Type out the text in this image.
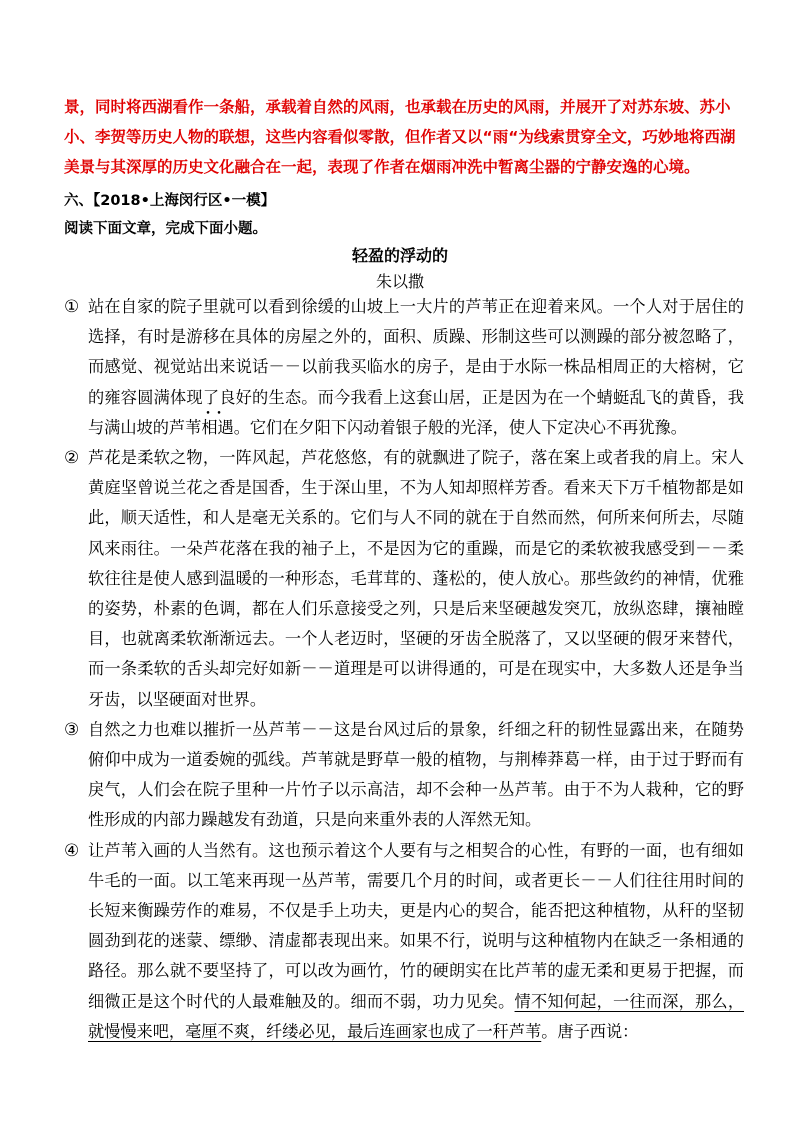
景，同时将西湖看作一条船，承载着自然的风雨，也承载在历史的风雨，并展开了对苏东坡、苏小小、李贺等历史人物的联想，这些内容看似零散，但作者又以“雨“为线索贯穿全文，巧妙地将西湖美景与其深厚的历史文化融合在一起，表现了作者在烟雨冲洗中暂离尘器的宁静安逸的心境。
六、【2018•上海闵行区•一模】
阅读下面文章，完成下面小题。
轻盈的浮动的
朱以撒

① 站在自家的院子里就可以看到徐缓的山坡上一大片的芦苇正在迎着来风。一个人对于居住的选择，有时是游移在具体的房屋之外的，面积、质躁、形制这些可以测躁的部分被忽略了，而感觉、视觉站出来说话－－以前我买临水的房子，是由于水际一株品相周正的大榕树，它的雍容圆满体现了良好的生态。而今我看上这套山居，正是因为在一个蜻蜓乱飞的黄昏，我与满山坡的芦苇• • 相遇。它们在夕阳下闪动着银子般的光泽，使人下定决心不再犹豫。

② 芦花是柔软之物，一阵风起，芦花悠悠，有的就飘进了院子，落在案上或者我的肩上。宋人黄庭坚曾说兰花之香是国香，生于深山里，不为人知却照样芳香。看来天下万千植物都是如此，顺天适性，和人是毫无关系的。它们与人不同的就在于自然而然，何所来何所去，尽随风来雨往。一朵芦花落在我的袖子上，不是因为它的重躁，而是它的柔软被我感受到－－柔软往往是使人感到温暖的一种形态，毛茸茸的、蓬松的，使人放心。那些敛约的神情，优雅的姿势，朴素的色调，都在人们乐意接受之列，只是后来坚硬越发突兀，放纵恣肆，攘袖瞠目，也就离柔软渐渐远去。一个人老迈时，坚硬的牙齿全脱落了，又以坚硬的假牙来替代，而一条柔软的舌头却完好如新－－道理是可以讲得通的，可是在现实中，大多数人还是争当牙齿，以坚硬面对世界。

③ 自然之力也难以摧折一丛芦苇－－这是台风过后的景象，纤细之秆的韧性显露出来，在随势俯仰中成为一道委婉的弧线。芦苇就是野草一般的植物，与荆棒莽葛一样，由于过于野而有戾气，人们会在院子里种一片竹子以示高洁，却不会种一丛芦苇。由于不为人栽种，它的野性形成的内部力躁越发有劲道，只是向来重外表的人浑然无知。

④ 让芦苇入画的人当然有。这也预示着这个人要有与之相契合的心性，有野的一面，也有细如牛毛的一面。以工笔来再现一丛芦苇，需要几个月的时间，或者更长－－人们往往用时间的长短来衡躁劳作的难易，不仅是手上功夫，更是内心的契合，能否把这种植物，从秆的坚韧圆劲到花的迷蒙、缥缈、清虚都表现出来。如果不行，说明与这种植物内在缺乏一条相通的路径。那么就不要坚持了，可以改为画竹，竹的硬朗实在比芦苇的虚无柔和更易于把握，而细微正是这个时代的人最难触及的。细而不弱，功力见矣。情不知何起，一往而深，那么，就慢慢来吧，毫厘不爽，纤缕必见，最后连画家也成了一秆芦苇。唐子西说：
